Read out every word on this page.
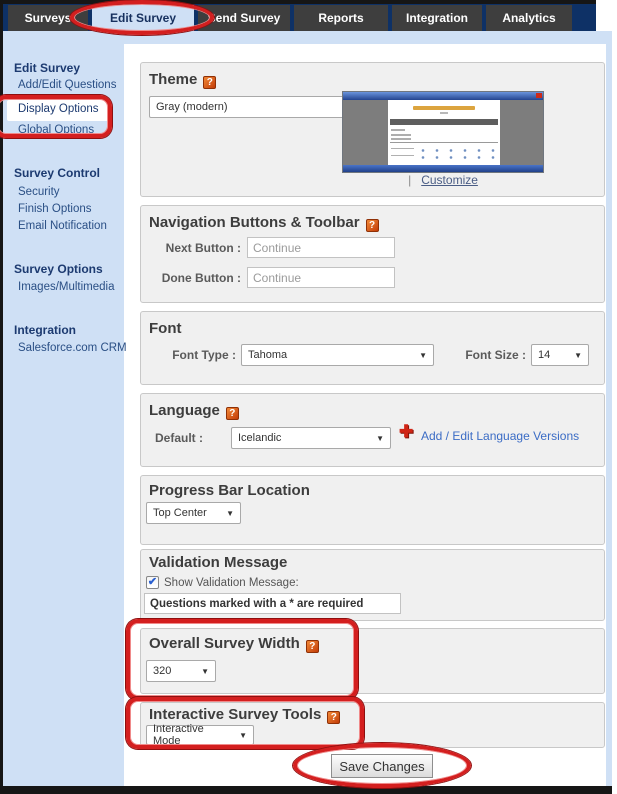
Surveys	Edit Survey	Send Survey	Reports	Integration	Analytics
Edit Survey
Add/Edit Questions
Display Options
Global Options
Survey Control
Security
Finish Options
Email Notification
Survey Options
Images/Multimedia
Integration
Salesforce.com CRM
Theme ?
Gray (modern)
| Customize
Navigation Buttons & Toolbar ?
Next Button :
Continue
Done Button :
Continue
Font
Font Type : Tahoma	▼	Font Size : 14	▼
Language ?
Default :	Icelandic	▼ ✚ Add / Edit Language Versions
Progress Bar Location
Top Center ▼
Validation Message
✔ Show Validation Message:
Questions marked with a * are required
Overall Survey Width ?
320	▼
Interactive Survey Tools ?
Interactive Mode	▼
Save Changes
